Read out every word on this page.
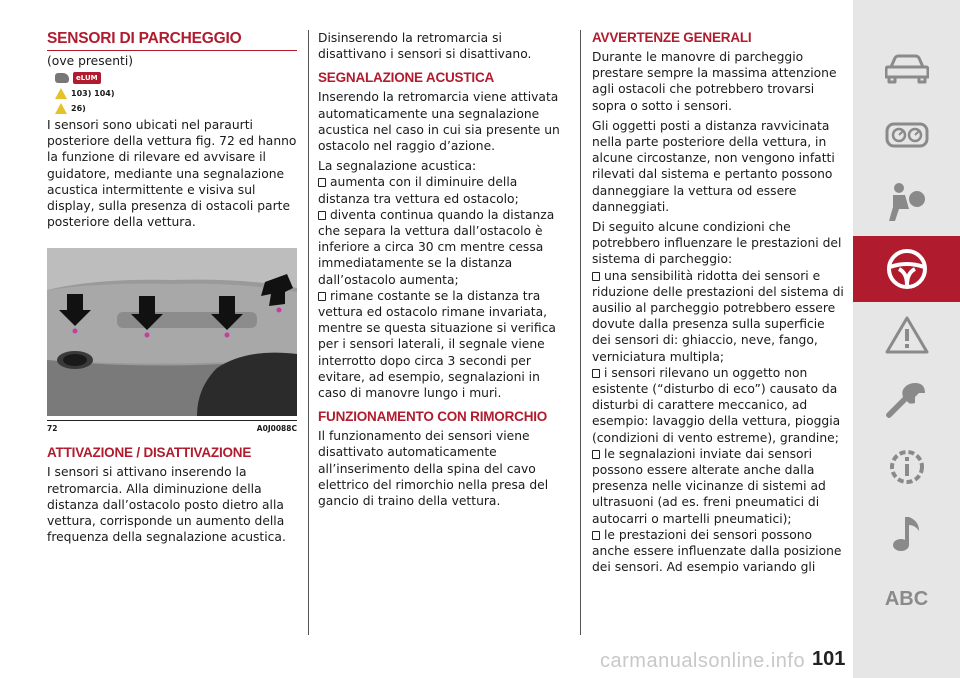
SENSORI DI PARCHEGGIO
(ove presenti)
eLUM
103) 104)
26)

I sensori sono ubicati nel paraurti posteriore della vettura fig. 72 ed hanno la funzione di rilevare ed avvisare il guidatore, mediante una segnalazione acustica intermittente e visiva sul display, sulla presenza di ostacoli parte posteriore della vettura.

72	A0J0088C
ATTIVAZIONE / DISATTIVAZIONE

I sensori si attivano inserendo la retromarcia. Alla diminuzione della distanza dall’ostacolo posto dietro alla vettura, corrisponde un aumento della frequenza della segnalazione acustica.

Disinserendo la retromarcia si disattivano i sensori si disattivano.

SEGNALAZIONE ACUSTICA

Inserendo la retromarcia viene attivata automaticamente una segnalazione acustica nel caso in cui sia presente un ostacolo nel raggio d’azione.

La segnalazione acustica:

aumenta con il diminuire della distanza tra vettura ed ostacolo;

diventa continua quando la distanza che separa la vettura dall’ostacolo è inferiore a circa 30 cm mentre cessa immediatamente se la distanza dall’ostacolo aumenta;

rimane costante se la distanza tra vettura ed ostacolo rimane invariata, mentre se questa situazione si verifica per i sensori laterali, il segnale viene interrotto dopo circa 3 secondi per evitare, ad esempio, segnalazioni in caso di manovre lungo i muri.

FUNZIONAMENTO CON RIMORCHIO

Il funzionamento dei sensori viene disattivato automaticamente all’inserimento della spina del cavo elettrico del rimorchio nella presa del gancio di traino della vettura.

AVVERTENZE GENERALI

Durante le manovre di parcheggio prestare sempre la massima attenzione agli ostacoli che potrebbero trovarsi sopra o sotto i sensori.

Gli oggetti posti a distanza ravvicinata nella parte posteriore della vettura, in alcune circostanze, non vengono infatti rilevati dal sistema e pertanto possono danneggiare la vettura od essere danneggiati.

Di seguito alcune condizioni che potrebbero influenzare le prestazioni del sistema di parcheggio:

una sensibilità ridotta dei sensori e riduzione delle prestazioni del sistema di ausilio al parcheggio potrebbero essere dovute dalla presenza sulla superficie dei sensori di: ghiaccio, neve, fango, verniciatura multipla;

i sensori rilevano un oggetto non esistente (“disturbo di eco”) causato da disturbi di carattere meccanico, ad esempio: lavaggio della vettura, pioggia (condizioni di vento estreme), grandine;

le segnalazioni inviate dai sensori possono essere alterate anche dalla presenza nelle vicinanze di sistemi ad ultrasuoni (ad es. freni pneumatici di autocarri o martelli pneumatici);

le prestazioni dei sensori possono anche essere influenzate dalla posizione dei sensori. Ad esempio variando gli

ABC
carmanualsonline.info 101
